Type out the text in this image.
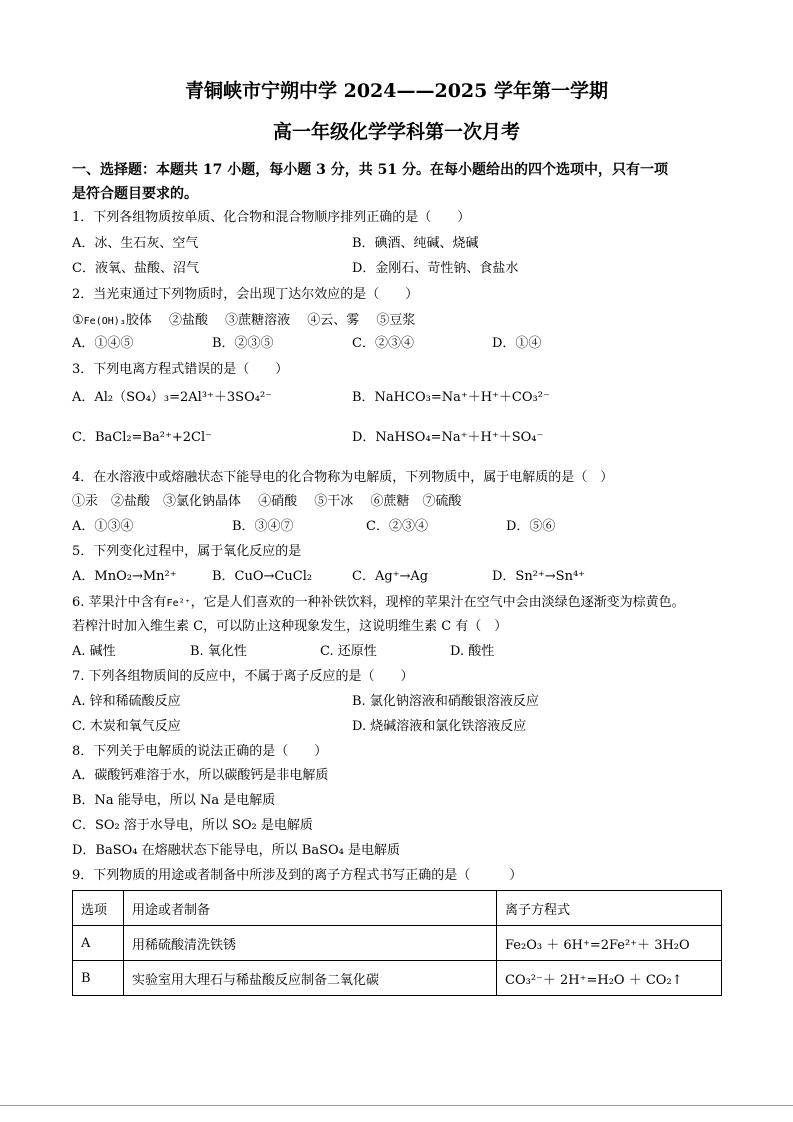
青铜峡市宁朔中学 2024——2025 学年第一学期
高一年级化学学科第一次月考
一、选择题：本题共 17 小题，每小题 3 分，共 51 分。在每小题给出的四个选项中，只有一项
是符合题目要求的。
1．下列各组物质按单质、化合物和混合物顺序排列正确的是（　　）
A．冰、生石灰、空气	B．碘酒、纯碱、烧碱
C．液氧、盐酸、沼气	D．金刚石、苛性钠、食盐水
2．当光束通过下列物质时，会出现丁达尔效应的是（　　）
①Fe(OH)₃胶体　 ②盐酸　 ③蔗糖溶液　 ④云、雾　 ⑤豆浆
A．①④⑤	B．②③⑤	C．②③④	D．①④
3．下列电离方程式错误的是（　　）
A．Al₂（SO₄）₃=2Al³⁺＋3SO₄²⁻	B．NaHCO₃=Na⁺＋H⁺＋CO₃²⁻
C．BaCl₂=Ba²⁺+2Cl⁻	D．NaHSO₄=Na⁺＋H⁺＋SO₄⁻
4．在水溶液中或熔融状态下能导电的化合物称为电解质，下列物质中，属于电解质的是（　）
①汞　②盐酸　③氯化钠晶体　 ④硝酸　 ⑤干冰　 ⑥蔗糖　⑦硫酸
A．①③④	B．③④⑦	C．②③④	D．⑤⑥
5．下列变化过程中，属于氧化反应的是
A．MnO₂→Mn²⁺	B．CuO→CuCl₂	C．Ag⁺→Ag	D．Sn²⁺→Sn⁴⁺
6. 苹果汁中含有Fe²⁺，它是人们喜欢的一种补铁饮料，现榨的苹果汁在空气中会由淡绿色逐渐变为棕黄色。
若榨汁时加入维生素 C，可以防止这种现象发生，这说明维生素 C 有（　）
A. 碱性	B. 氧化性	C. 还原性	D. 酸性
7. 下列各组物质间的反应中，不属于离子反应的是（　　）
A. 锌和稀硫酸反应	B. 氯化钠溶液和硝酸银溶液反应
C. 木炭和氧气反应	D. 烧碱溶液和氯化铁溶液反应
8．下列关于电解质的说法正确的是（　　）
A．碳酸钙难溶于水，所以碳酸钙是非电解质
B．Na 能导电，所以 Na 是电解质
C．SO₂ 溶于水导电，所以 SO₂ 是电解质
D．BaSO₄ 在熔融状态下能导电，所以 BaSO₄ 是电解质
9．下列物质的用途或者制备中所涉及到的离子方程式书写正确的是（　　　）
选项	用途或者制备	离子方程式
A	用稀硫酸清洗铁锈	Fe₂O₃ ＋ 6H⁺=2Fe²⁺＋ 3H₂O
B	实验室用大理石与稀盐酸反应制备二氧化碳	CO₃²⁻＋ 2H⁺=H₂O ＋ CO₂↑
